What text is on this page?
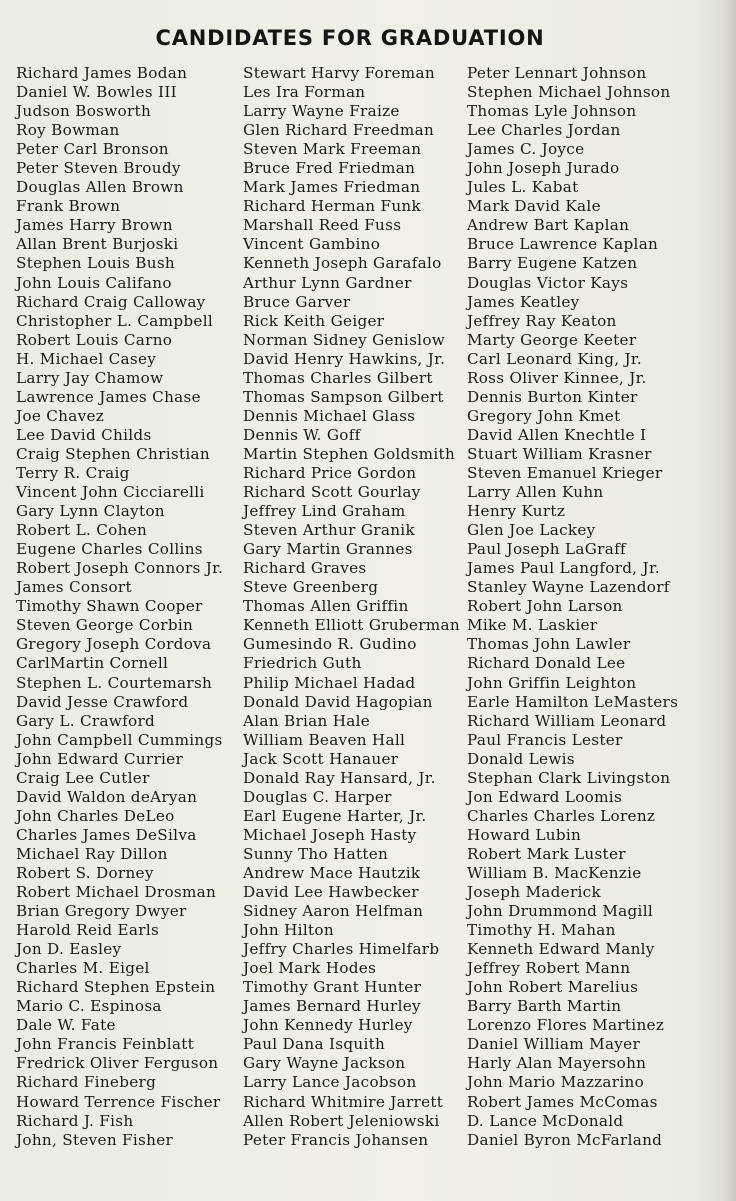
CANDIDATES FOR GRADUATION
Richard James Bodan
Daniel W. Bowles III
Judson Bosworth
Roy Bowman
Peter Carl Bronson
Peter Steven Broudy
Douglas Allen Brown
Frank Brown
James Harry Brown
Allan Brent Burjoski
Stephen Louis Bush
John Louis Califano
Richard Craig Calloway
Christopher L. Campbell
Robert Louis Carno
H. Michael Casey
Larry Jay Chamow
Lawrence James Chase
Joe Chavez
Lee David Childs
Craig Stephen Christian
Terry R. Craig
Vincent John Cicciarelli
Gary Lynn Clayton
Robert L. Cohen
Eugene Charles Collins
Robert Joseph Connors Jr.
James Consort
Timothy Shawn Cooper
Steven George Corbin
Gregory Joseph Cordova
CarlMartin Cornell
Stephen L. Courtemarsh
David Jesse Crawford
Gary L. Crawford
John Campbell Cummings
John Edward Currier
Craig Lee Cutler
David Waldon deAryan
John Charles DeLeo
Charles James DeSilva
Michael Ray Dillon
Robert S. Dorney
Robert Michael Drosman
Brian Gregory Dwyer
Harold Reid Earls
Jon D. Easley
Charles M. Eigel
Richard Stephen Epstein
Mario C. Espinosa
Dale W. Fate
John Francis Feinblatt
Fredrick Oliver Ferguson
Richard Fineberg
Howard Terrence Fischer
Richard J. Fish
John, Steven Fisher
Stewart Harvy Foreman
Les Ira Forman
Larry Wayne Fraize
Glen Richard Freedman
Steven Mark Freeman
Bruce Fred Friedman
Mark James Friedman
Richard Herman Funk
Marshall Reed Fuss
Vincent Gambino
Kenneth Joseph Garafalo
Arthur Lynn Gardner
Bruce Garver
Rick Keith Geiger
Norman Sidney Genislow
David Henry Hawkins, Jr.
Thomas Charles Gilbert
Thomas Sampson Gilbert
Dennis Michael Glass
Dennis W. Goff
Martin Stephen Goldsmith
Richard Price Gordon
Richard Scott Gourlay
Jeffrey Lind Graham
Steven Arthur Granik
Gary Martin Grannes
Richard Graves
Steve Greenberg
Thomas Allen Griffin
Kenneth Elliott Gruberman
Gumesindo R. Gudino
Friedrich Guth
Philip Michael Hadad
Donald David Hagopian
Alan Brian Hale
William Beaven Hall
Jack Scott Hanauer
Donald Ray Hansard, Jr.
Douglas C. Harper
Earl Eugene Harter, Jr.
Michael Joseph Hasty
Sunny Tho Hatten
Andrew Mace Hautzik
David Lee Hawbecker
Sidney Aaron Helfman
John Hilton
Jeffry Charles Himelfarb
Joel Mark Hodes
Timothy Grant Hunter
James Bernard Hurley
John Kennedy Hurley
Paul Dana Isquith
Gary Wayne Jackson
Larry Lance Jacobson
Richard Whitmire Jarrett
Allen Robert Jeleniowski
Peter Francis Johansen
Peter Lennart Johnson
Stephen Michael Johnson
Thomas Lyle Johnson
Lee Charles Jordan
James C. Joyce
John Joseph Jurado
Jules L. Kabat
Mark David Kale
Andrew Bart Kaplan
Bruce Lawrence Kaplan
Barry Eugene Katzen
Douglas Victor Kays
James Keatley
Jeffrey Ray Keaton
Marty George Keeter
Carl Leonard King, Jr.
Ross Oliver Kinnee, Jr.
Dennis Burton Kinter
Gregory John Kmet
David Allen Knechtle I
Stuart William Krasner
Steven Emanuel Krieger
Larry Allen Kuhn
Henry Kurtz
Glen Joe Lackey
Paul Joseph LaGraff
James Paul Langford, Jr.
Stanley Wayne Lazendorf
Robert John Larson
Mike M. Laskier
Thomas John Lawler
Richard Donald Lee
John Griffin Leighton
Earle Hamilton LeMasters
Richard William Leonard
Paul Francis Lester
Donald Lewis
Stephan Clark Livingston
Jon Edward Loomis
Charles Charles Lorenz
Howard Lubin
Robert Mark Luster
William B. MacKenzie
Joseph Maderick
John Drummond Magill
Timothy H. Mahan
Kenneth Edward Manly
Jeffrey Robert Mann
John Robert Marelius
Barry Barth Martin
Lorenzo Flores Martinez
Daniel William Mayer
Harly Alan Mayersohn
John Mario Mazzarino
Robert James McComas
D. Lance McDonald
Daniel Byron McFarland
